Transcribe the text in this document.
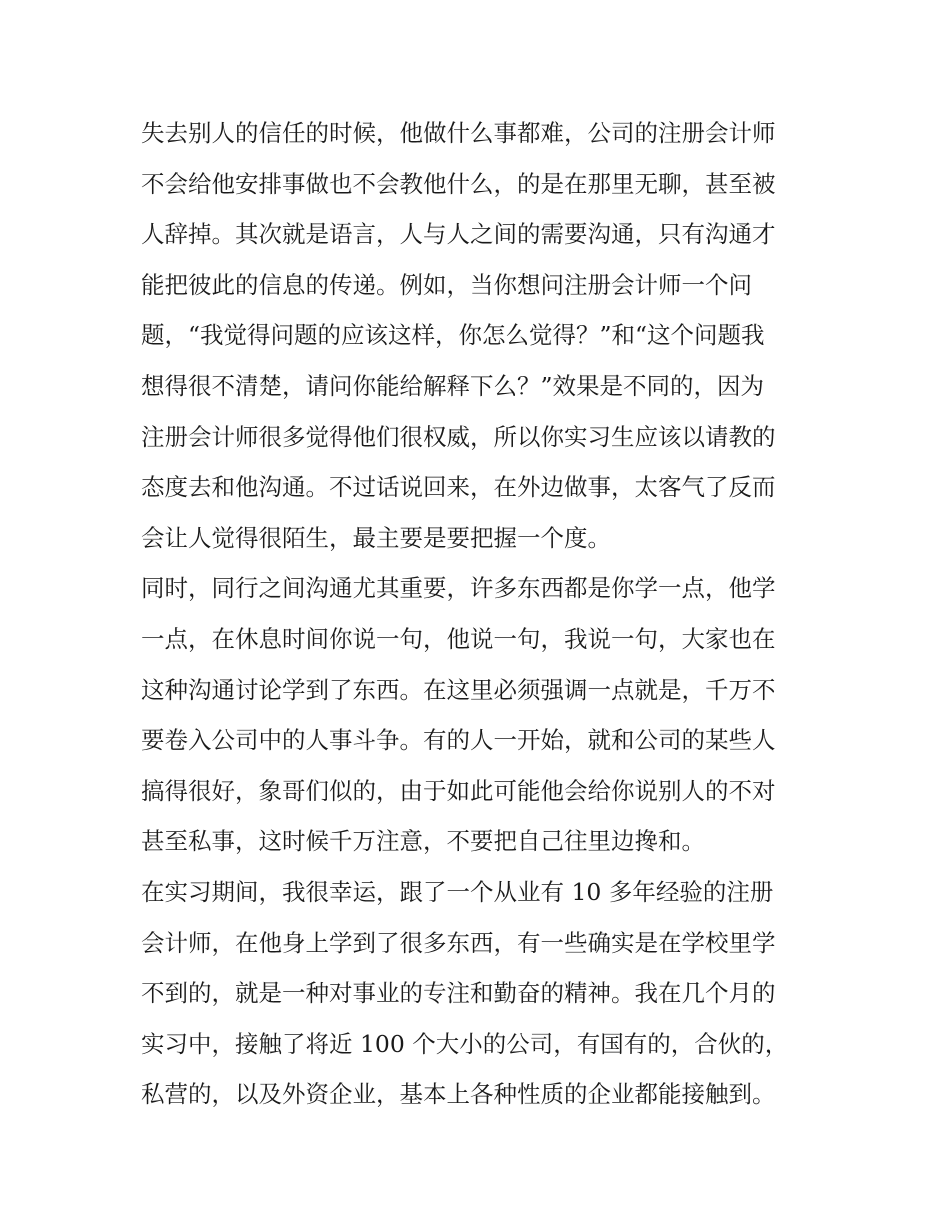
失去别人的信任的时候，他做什么事都难，公司的注册会计师
不会给他安排事做也不会教他什么，的是在那里无聊，甚至被
人辞掉。其次就是语言，人与人之间的需要沟通，只有沟通才
能把彼此的信息的传递。例如，当你想问注册会计师一个问
题，“我觉得问题的应该这样，你怎么觉得？”和“这个问题我
想得很不清楚，请问你能给解释下么？”效果是不同的，因为
注册会计师很多觉得他们很权威，所以你实习生应该以请教的
态度去和他沟通。不过话说回来，在外边做事，太客气了反而
会让人觉得很陌生，最主要是要把握一个度。
同时，同行之间沟通尤其重要，许多东西都是你学一点，他学
一点，在休息时间你说一句，他说一句，我说一句，大家也在
这种沟通讨论学到了东西。在这里必须强调一点就是，千万不
要卷入公司中的人事斗争。有的人一开始，就和公司的某些人
搞得很好，象哥们似的，由于如此可能他会给你说别人的不对
甚至私事，这时候千万注意，不要把自己往里边搀和。
在实习期间，我很幸运，跟了一个从业有 10 多年经验的注册
会计师，在他身上学到了很多东西，有一些确实是在学校里学
不到的，就是一种对事业的专注和勤奋的精神。我在几个月的
实习中，接触了将近 100 个大小的公司，有国有的，合伙的，
私营的，以及外资企业，基本上各种性质的企业都能接触到。
